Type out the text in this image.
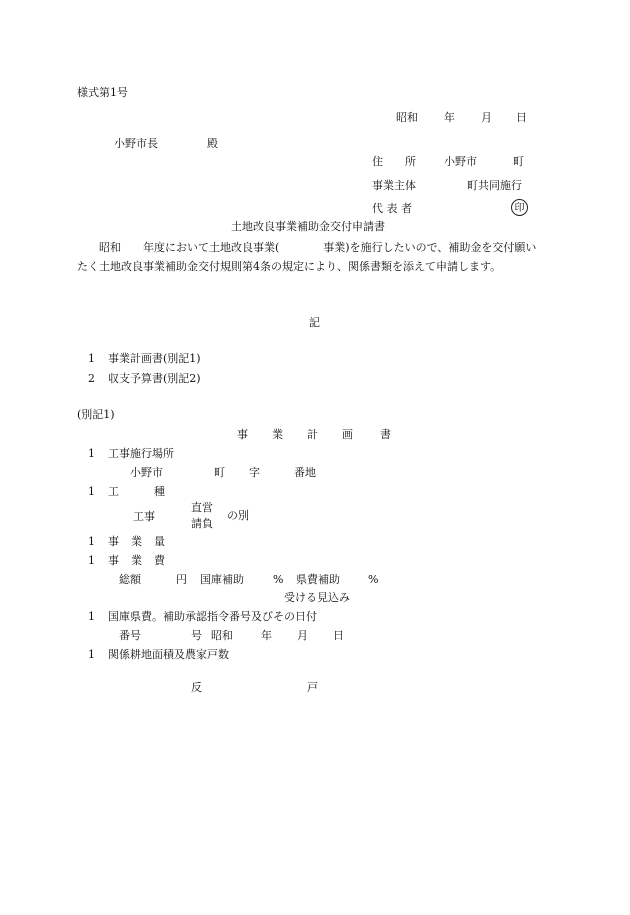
様式第1号
昭和 年 月 日
小野市長	殿
住　　所	小野市	町
事業主体	町共同施行
代 表 者	印
土地改良事業補助金交付申請書
昭和　　年度において土地改良事業(　　　　事業)を施行したいので、補助金を交付願いたく土地改良事業補助金交付規則第4条の規定により、関係書類を添えて申請します。
記
1 事業計画書(別記1)
2 収支予算書(別記2)
(別記1)
事 業 計 画 書
1 工事施行場所
小野市	町 字	番地
1 工	種
工事
直営
請負
の別
1 事 業 量
1 事 業 費
総額	円 国庫補助	% 県費補助	%
受ける見込み
1 国庫県費。補助承認指令番号及びその日付
番号	号 昭和	年 月 日
1 関係耕地面積及農家戸数
反	戸
